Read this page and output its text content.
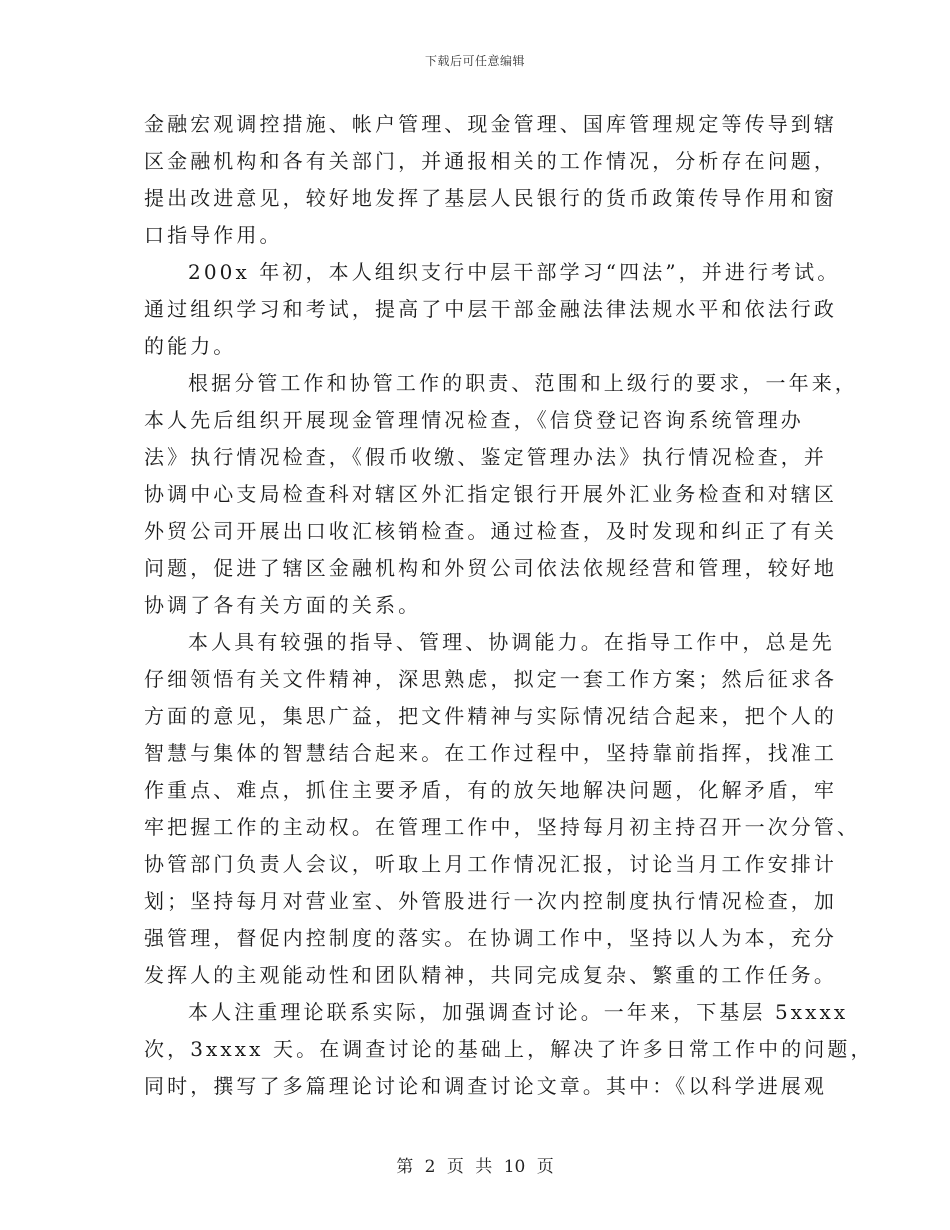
下载后可任意编辑
金融宏观调控措施、帐户管理、现金管理、国库管理规定等传导到辖
区金融机构和各有关部门，并通报相关的工作情况，分析存在问题，
提出改进意见，较好地发挥了基层人民银行的货币政策传导作用和窗
口指导作用。
200x 年初，本人组织支行中层干部学习“四法”，并进行考试。
通过组织学习和考试，提高了中层干部金融法律法规水平和依法行政
的能力。
根据分管工作和协管工作的职责、范围和上级行的要求，一年来，
本人先后组织开展现金管理情况检查，《信贷登记咨询系统管理办
法》执行情况检查，《假币收缴、鉴定管理办法》执行情况检查，并
协调中心支局检查科对辖区外汇指定银行开展外汇业务检查和对辖区
外贸公司开展出口收汇核销检查。通过检查，及时发现和纠正了有关
问题，促进了辖区金融机构和外贸公司依法依规经营和管理，较好地
协调了各有关方面的关系。
本人具有较强的指导、管理、协调能力。在指导工作中，总是先
仔细领悟有关文件精神，深思熟虑，拟定一套工作方案；然后征求各
方面的意见，集思广益，把文件精神与实际情况结合起来，把个人的
智慧与集体的智慧结合起来。在工作过程中，坚持靠前指挥，找准工
作重点、难点，抓住主要矛盾，有的放矢地解决问题，化解矛盾，牢
牢把握工作的主动权。在管理工作中，坚持每月初主持召开一次分管、
协管部门负责人会议，听取上月工作情况汇报，讨论当月工作安排计
划；坚持每月对营业室、外管股进行一次内控制度执行情况检查，加
强管理，督促内控制度的落实。在协调工作中，坚持以人为本，充分
发挥人的主观能动性和团队精神，共同完成复杂、繁重的工作任务。
本人注重理论联系实际，加强调查讨论。一年来，下基层 5xxxx
次，3xxxx 天。在调查讨论的基础上，解决了许多日常工作中的问题，
同时，撰写了多篇理论讨论和调查讨论文章。其中：《以科学进展观
第 2 页 共 10 页
